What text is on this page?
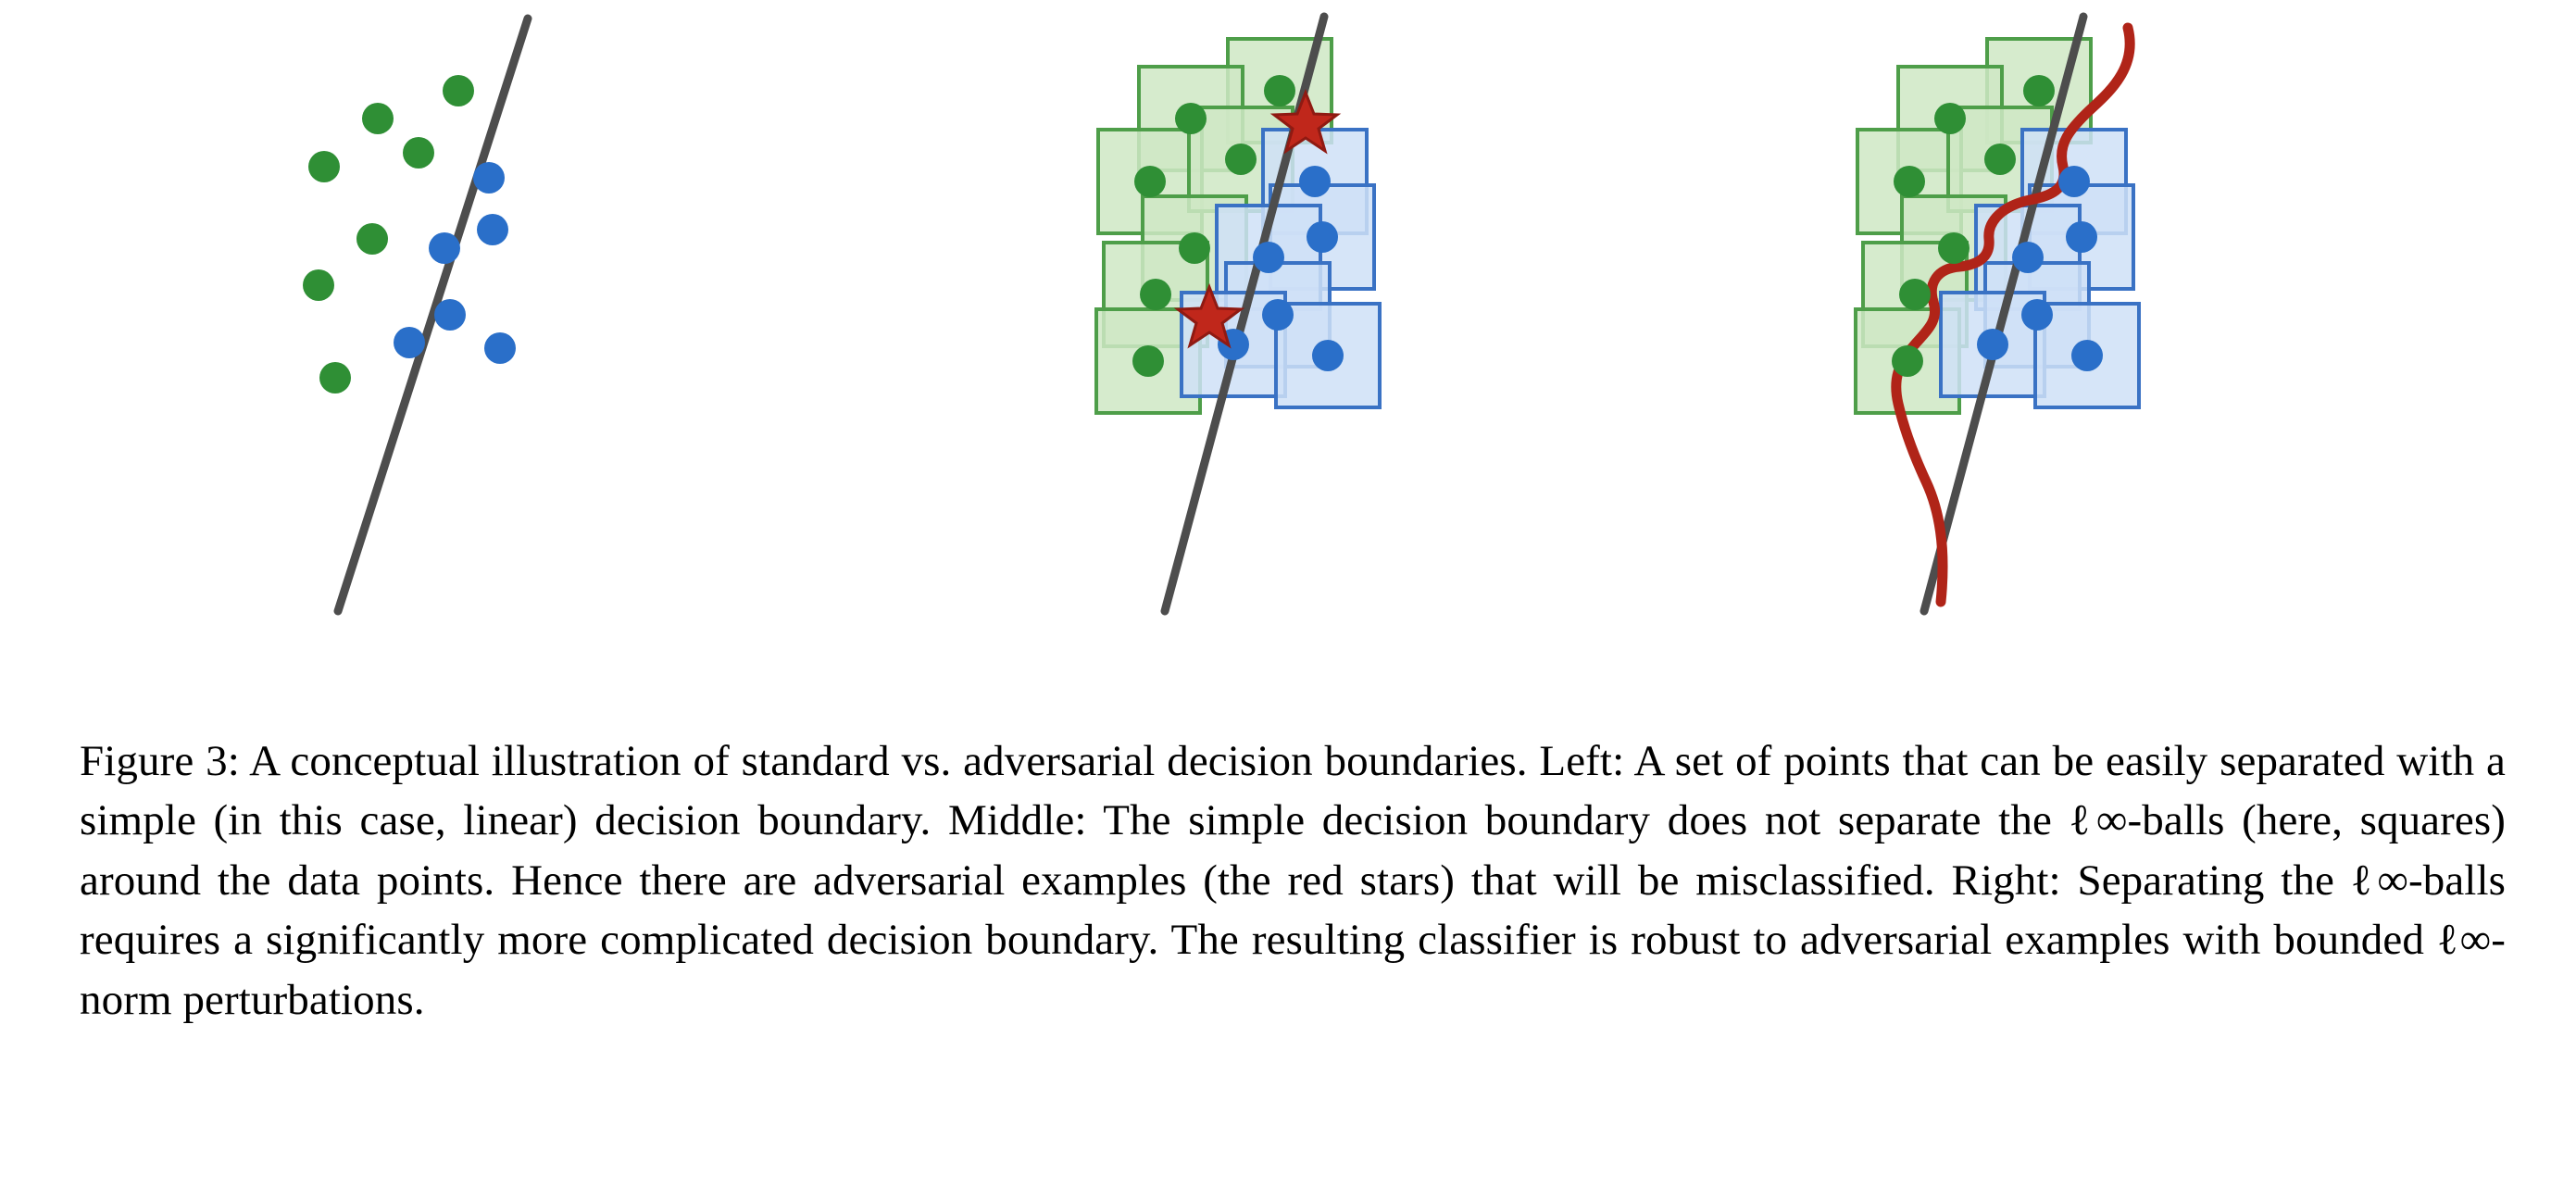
Figure 3: A conceptual illustration of standard vs. adversarial decision boundaries. Left: A set of points that can be easily separated with a simple (in this case, linear) decision boundary. Middle: The simple decision boundary does not separate the ℓ∞-balls (here, squares) around the data points. Hence there are adversarial examples (the red stars) that will be misclassified. Right: Separating the ℓ∞-balls requires a significantly more complicated decision boundary. The resulting classifier is robust to adversarial examples with bounded ℓ∞-norm perturbations.
